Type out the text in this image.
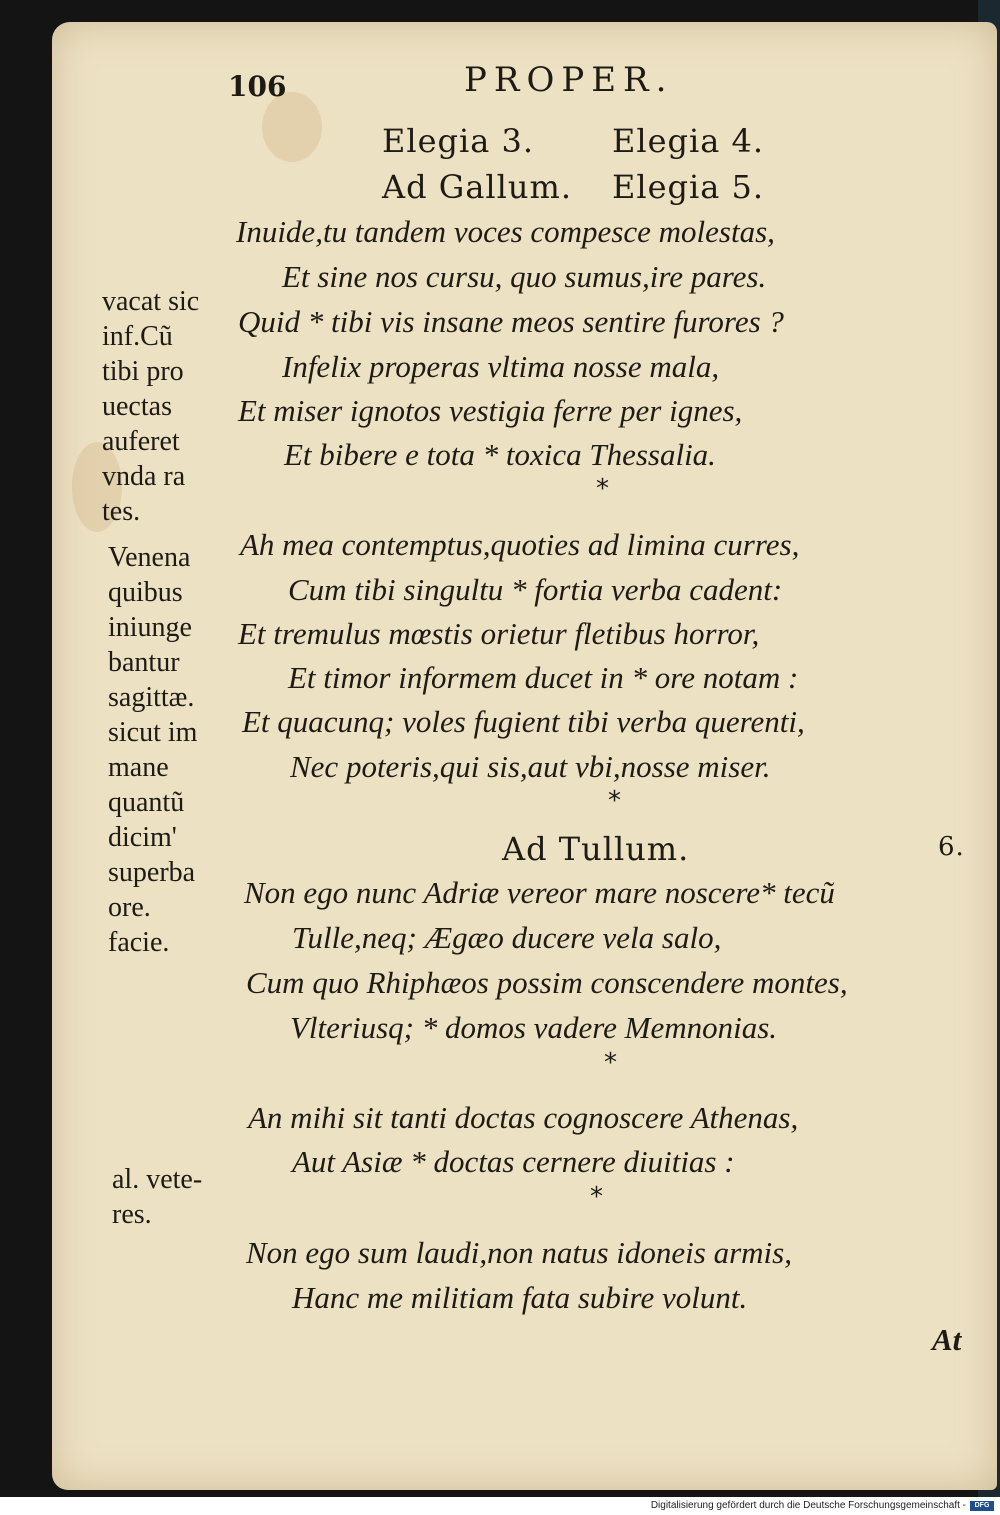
106	PROPER.

Elegia 3. Elegia 4.

Ad Gallum. Elegia 5.

Inuide,tu tandem voces compesce molestas,

Et sine nos cursu, quo sumus,ire pares.

Quid * tibi vis insane meos sentire furores ?

Infelix properas vltima nosse mala,

Et miser ignotos vestigia ferre per ignes,

Et bibere e tota * toxica Thessalia.

*

Ah mea contemptus,quoties ad limina curres,

Cum tibi singultu * fortia verba cadent:

Et tremulus mœstis orietur fletibus horror,

Et timor informem ducet in * ore notam :

Et quacunq; voles fugient tibi verba querenti,

Nec poteris,qui sis,aut vbi,nosse miser.

*

Ad Tullum.	6.

Non ego nunc Adriæ vereor mare noscere* tecũ

Tulle,neq; Ægæo ducere vela salo,

Cum quo Rhiphæos possim conscendere montes,

Vlteriusq; * domos vadere Memnonias.

*

An mihi sit tanti doctas cognoscere Athenas,

Aut Asiæ * doctas cernere diuitias :

*

Non ego sum laudi,non natus idoneis armis,

Hanc me militiam fata subire volunt.

At

vacat sic
inf.Cũ
tibi pro
uectas
auferet
vnda ra
tes.
Venena
quibus
iniunge
bantur
sagittæ.
sicut im
mane
quantũ
dicim'
superba
ore.
facie.
al. vete-
res.
Digitalisierung gefördert durch die Deutsche Forschungsgemeinschaft -	DFG
